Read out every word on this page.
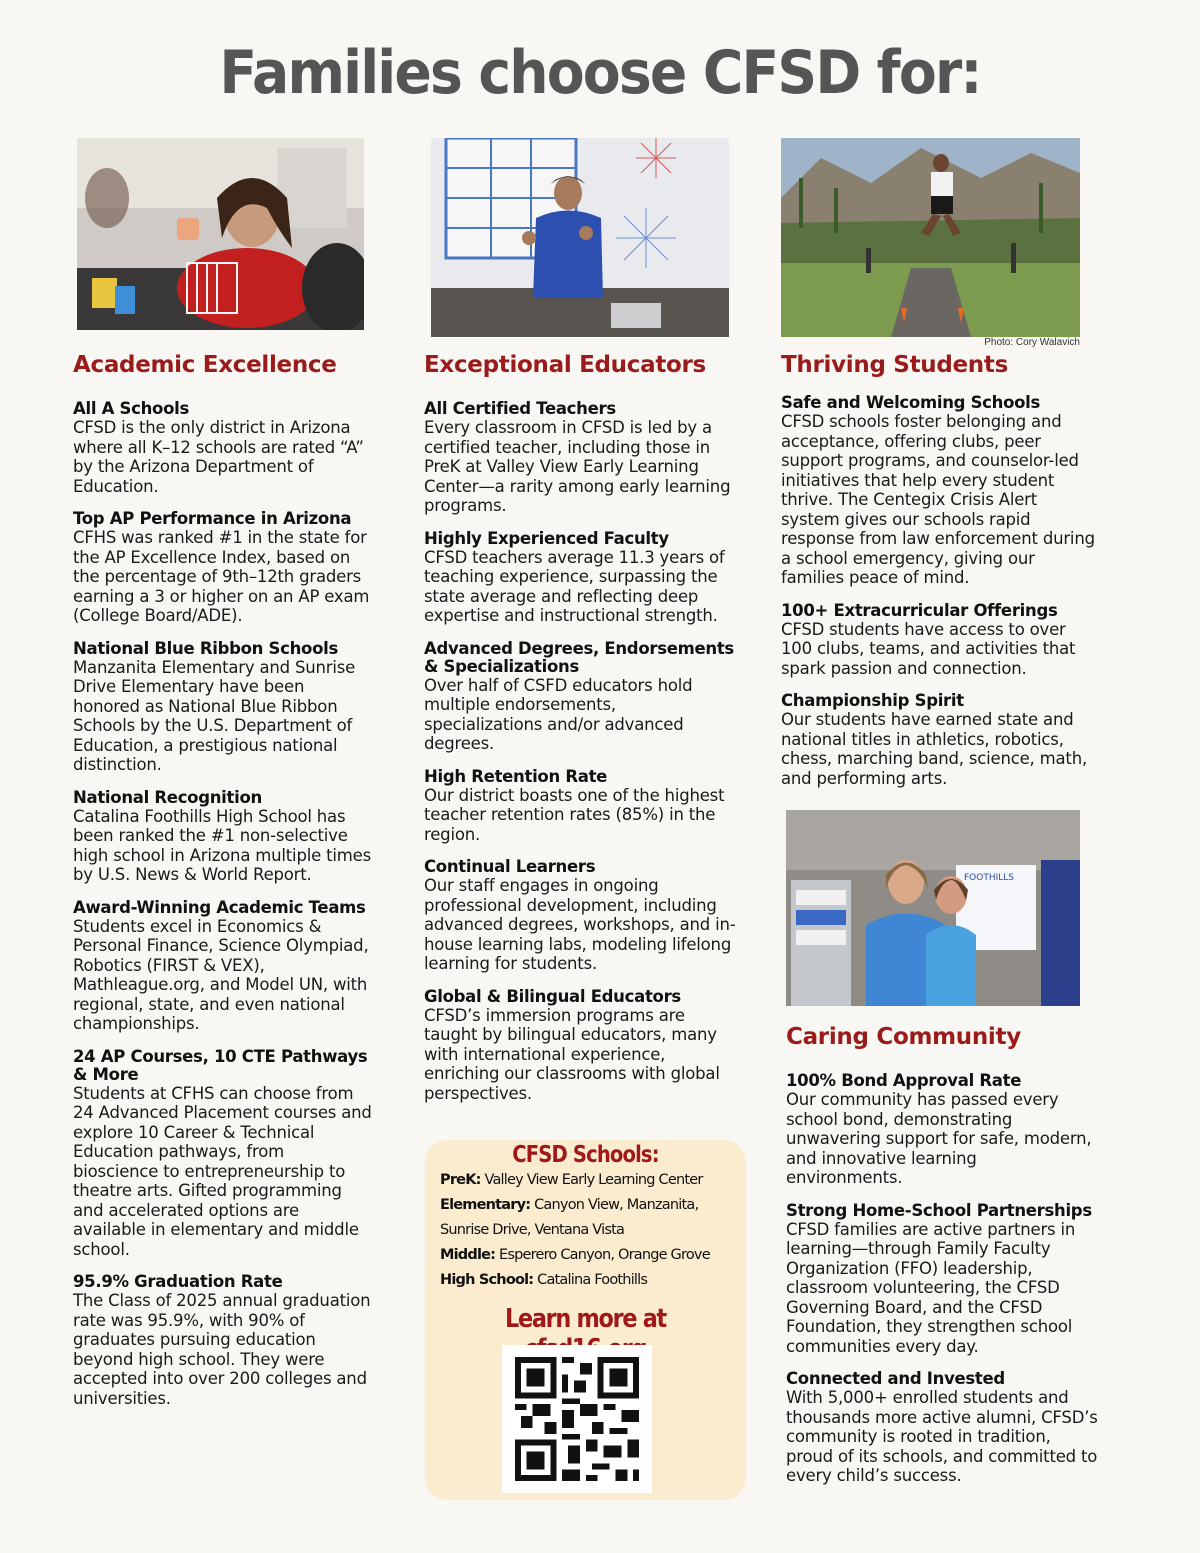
Families choose CFSD for:
Photo: Cory Walavich
FOOTHILLS
Academic Excellence
All A Schools
CFSD is the only district in Arizona where all K–12 schools are rated “A” by the Arizona Department of Education.
Top AP Performance in Arizona
CFHS was ranked #1 in the state for the AP Excellence Index, based on the percentage of 9th–12th graders earning a 3 or higher on an AP exam (College Board/ADE).
National Blue Ribbon Schools
Manzanita Elementary and Sunrise Drive Elementary have been honored as National Blue Ribbon Schools by the U.S. Department of Education, a prestigious national distinction.
National Recognition
Catalina Foothills High School has been ranked the #1 non-selective high school in Arizona multiple times by U.S. News & World Report.
Award-Winning Academic Teams
Students excel in Economics & Personal Finance, Science Olympiad, Robotics (FIRST & VEX), Mathleague.org, and Model UN, with regional, state, and even national championships.
24 AP Courses, 10 CTE Pathways & More
Students at CFHS can choose from 24 Advanced Placement courses and explore 10 Career & Technical Education pathways, from bioscience to entrepreneurship to theatre arts. Gifted programming and accelerated options are available in elementary and middle school.
95.9% Graduation Rate
The Class of 2025 annual graduation rate was 95.9%, with 90% of graduates pursuing education beyond high school. They were accepted into over 200 colleges and universities.
Exceptional Educators
All Certified Teachers
Every classroom in CFSD is led by a certified teacher, including those in PreK at Valley View Early Learning Center—a rarity among early learning programs.
Highly Experienced Faculty
CFSD teachers average 11.3 years of teaching experience, surpassing the state average and reflecting deep expertise and instructional strength.
Advanced Degrees, Endorsements & Specializations
Over half of CSFD educators hold multiple endorsements, specializations and/or advanced degrees.
High Retention Rate
Our district boasts one of the highest teacher retention rates (85%) in the region.
Continual Learners
Our staff engages in ongoing professional development, including advanced degrees, workshops, and in-house learning labs, modeling lifelong learning for students.
Global & Bilingual Educators
CFSD’s immersion programs are taught by bilingual educators, many with international experience, enriching our classrooms with global perspectives.
Thriving Students
Safe and Welcoming Schools
CFSD schools foster belonging and acceptance, offering clubs, peer support programs, and counselor-led initiatives that help every student thrive. The Centegix Crisis Alert system gives our schools rapid response from law enforcement during a school emergency, giving our families peace of mind.
100+ Extracurricular Offerings
CFSD students have access to over 100 clubs, teams, and activities that spark passion and connection.
Championship Spirit
Our students have earned state and national titles in athletics, robotics, chess, marching band, science, math, and performing arts.
Caring Community
100% Bond Approval Rate
Our community has passed every school bond, demonstrating unwavering support for safe, modern, and innovative learning environments.
Strong Home-School Partnerships
CFSD families are active partners in learning—through Family Faculty Organization (FFO) leadership, classroom volunteering, the CFSD Governing Board, and the CFSD Foundation, they strengthen school communities every day.
Connected and Invested
With 5,000+ enrolled students and thousands more active alumni, CFSD’s community is rooted in tradition, proud of its schools, and committed to every child’s success.
CFSD Schools:
PreK: Valley View Early Learning Center
Elementary: Canyon View, Manzanita,
Sunrise Drive, Ventana Vista
Middle: Esperero Canyon, Orange Grove
High School: Catalina Foothills
Learn more at
